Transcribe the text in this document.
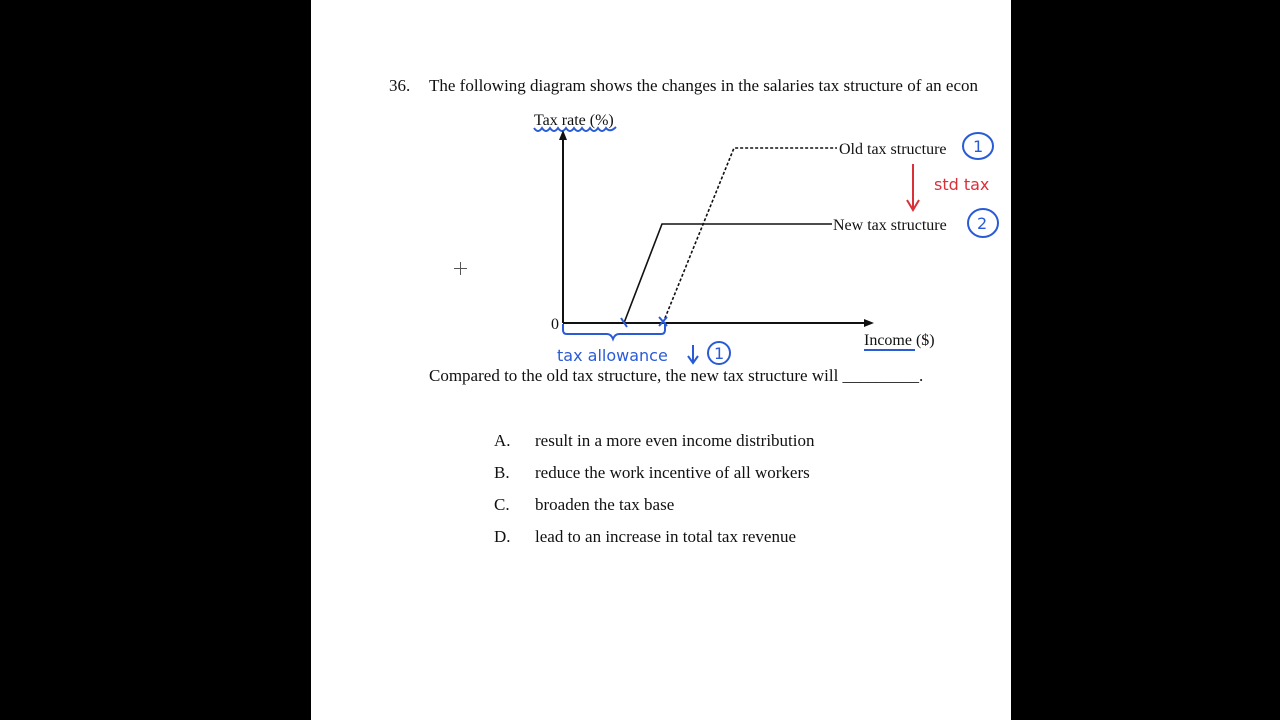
36. The following diagram shows the changes in the salaries tax structure of an econ
Tax rate (%)
0
Income ($)
Old tax structure
New tax structure
1
2
std tax
tax allowance	1
Compared to the old tax structure, the new tax structure will _________.
A. result in a more even income distribution
B. reduce the work incentive of all workers
C. broaden the tax base
D. lead to an increase in total tax revenue
